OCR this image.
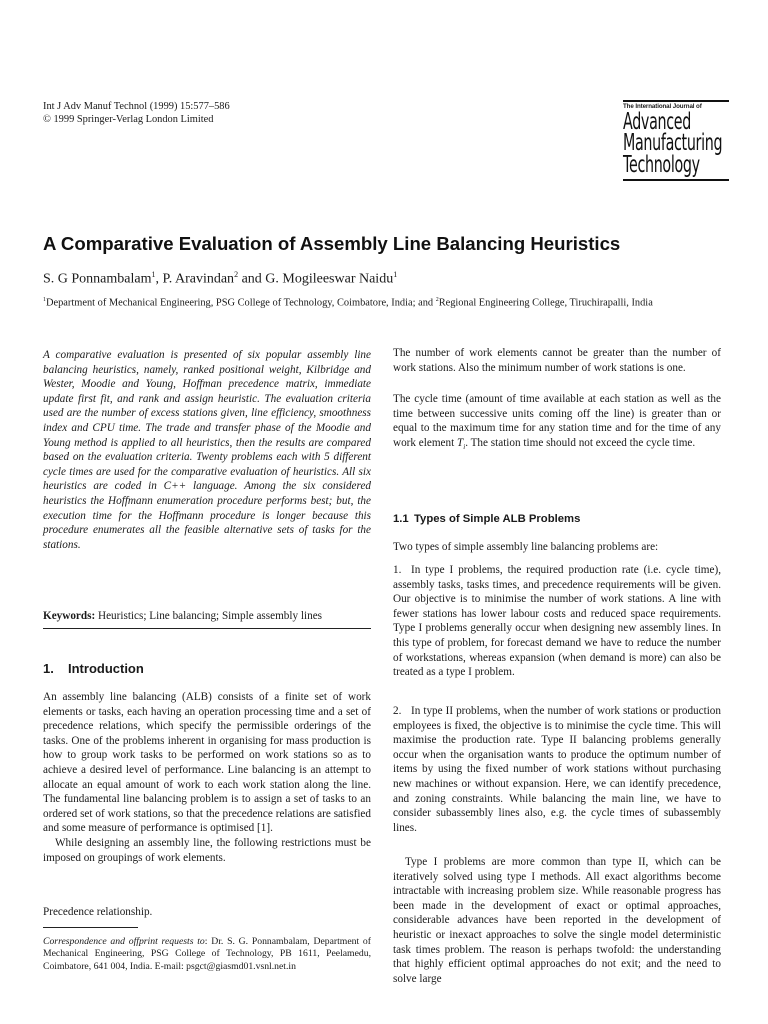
Int J Adv Manuf Technol (1999) 15:577–586
© 1999 Springer-Verlag London Limited
The International Journal of
Advanced
Manufacturing
Technology
A Comparative Evaluation of Assembly Line Balancing Heuristics
S. G Ponnambalam$^1$, P. Aravindan$^2$ and G. Mogileeswar Naidu$^1$
$^1$Department of Mechanical Engineering, PSG College of Technology, Coimbatore, India; and $^2$Regional Engineering College, Tiruchirapalli, India
A comparative evaluation is presented of six popular assembly line balancing heuristics, namely, ranked positional weight, Kilbridge and Wester, Moodie and Young, Hoffman precedence matrix, immediate update first fit, and rank and assign heuristic. The evaluation criteria used are the number of excess stations given, line efficiency, smoothness index and CPU time. The trade and transfer phase of the Moodie and Young method is applied to all heuristics, then the results are compared based on the evaluation criteria. Twenty problems each with 5 different cycle times are used for the comparative evaluation of heuristics. All six heuristics are coded in C++ language. Among the six considered heuristics the Hoffmann enumeration procedure performs best; but, the execution time for the Hoffmann procedure is longer because this procedure enumerates all the feasible alternative sets of tasks for the stations.
Keywords: Heuristics; Line balancing; Simple assembly lines
1. Introduction

An assembly line balancing (ALB) consists of a finite set of work elements or tasks, each having an operation processing time and a set of precedence relations, which specify the permissible orderings of the tasks. One of the problems inherent in organising for mass production is how to group work tasks to be performed on work stations so as to achieve a desired level of performance. Line balancing is an attempt to allocate an equal amount of work to each work station along the line. The fundamental line balancing problem is to assign a set of tasks to an ordered set of work stations, so that the precedence relations are satisfied and some measure of performance is optimised [1].

While designing an assembly line, the following restrictions must be imposed on groupings of work elements.

Precedence relationship.
Correspondence and offprint requests to: Dr. S. G. Ponnambalam, Department of Mechanical Engineering, PSG College of Technology, PB 1611, Peelamedu, Coimbatore, 641 004, India. E-mail: psgct@giasmd01.vsnl.net.in
The number of work elements cannot be greater than the number of work stations. Also the minimum number of work stations is one.
The cycle time (amount of time available at each station as well as the time between successive units coming off the line) is greater than or equal to the maximum time for any station time and for the time of any work element $T_i$. The station time should not exceed the cycle time.
1.1 Types of Simple ALB Problems
Two types of simple assembly line balancing problems are:
1. In type I problems, the required production rate (i.e. cycle time), assembly tasks, tasks times, and precedence requirements will be given. Our objective is to minimise the number of work stations. A line with fewer stations has lower labour costs and reduced space requirements. Type I problems generally occur when designing new assembly lines. In this type of problem, for forecast demand we have to reduce the number of workstations, whereas expansion (when demand is more) can also be treated as a type I problem.
2. In type II problems, when the number of work stations or production employees is fixed, the objective is to minimise the cycle time. This will maximise the production rate. Type II balancing problems generally occur when the organisation wants to produce the optimum number of items by using the fixed number of work stations without purchasing new machines or without expansion. Here, we can identify precedence, and zoning constraints. While balancing the main line, we have to consider subassembly lines also, e.g. the cycle times of subassembly lines.
Type I problems are more common than type II, which can be iteratively solved using type I methods. All exact algorithms become intractable with increasing problem size. While reasonable progress has been made in the development of exact or optimal approaches, considerable advances have been reported in the development of heuristic or inexact approaches to solve the single model deterministic task times problem. The reason is perhaps twofold: the understanding that highly efficient optimal approaches do not exit; and the need to solve large
